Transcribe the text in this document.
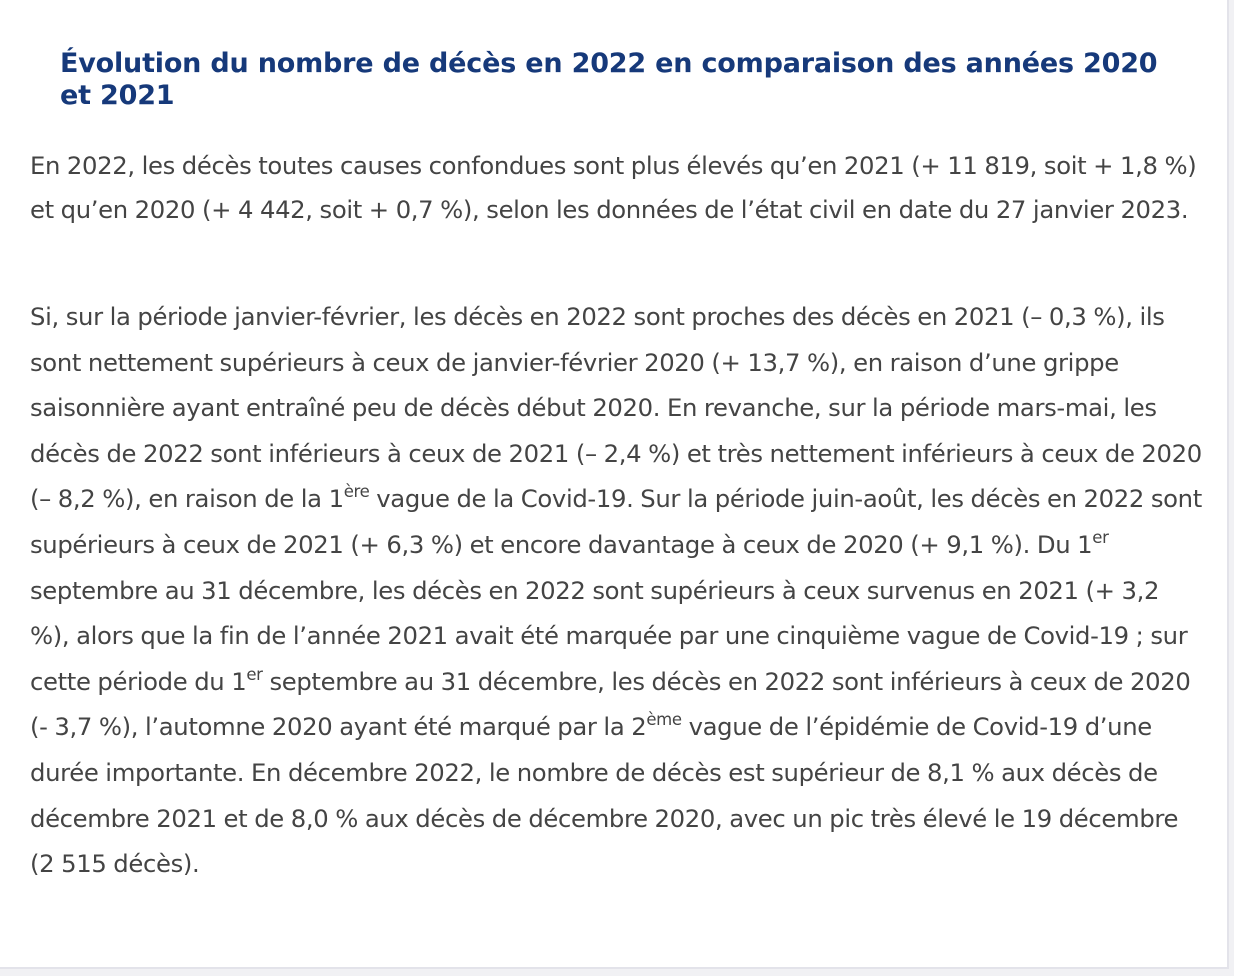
Évolution du nombre de décès en 2022 en comparaison des années 2020 et 2021

En 2022, les décès toutes causes confondues sont plus élevés qu’en 2021 (+ 11 819, soit + 1,8 %) et qu’en 2020 (+ 4 442, soit + 0,7 %), selon les données de l’état civil en date du 27 janvier 2023.

Si, sur la période janvier-février, les décès en 2022 sont proches des décès en 2021 (– 0,3 %), ils sont nettement supérieurs à ceux de janvier-février 2020 (+ 13,7 %), en raison d’une grippe saisonnière ayant entraîné peu de décès début 2020. En revanche, sur la période mars-mai, les décès de 2022 sont inférieurs à ceux de 2021 (– 2,4 %) et très nettement inférieurs à ceux de 2020 (– 8,2 %), en raison de la 1ère vague de la Covid-19. Sur la période juin-août, les décès en 2022 sont supérieurs à ceux de 2021 (+ 6,3 %) et encore davantage à ceux de 2020 (+ 9,1 %). Du 1er septembre au 31 décembre, les décès en 2022 sont supérieurs à ceux survenus en 2021 (+ 3,2 %), alors que la fin de l’année 2021 avait été marquée par une cinquième vague de Covid-19 ; sur cette période du 1er septembre au 31 décembre, les décès en 2022 sont inférieurs à ceux de 2020 (- 3,7 %), l’automne 2020 ayant été marqué par la 2ème vague de l’épidémie de Covid-19 d’une durée importante. En décembre 2022, le nombre de décès est supérieur de 8,1 % aux décès de décembre 2021 et de 8,0 % aux décès de décembre 2020, avec un pic très élevé le 19 décembre (2 515 décès).
